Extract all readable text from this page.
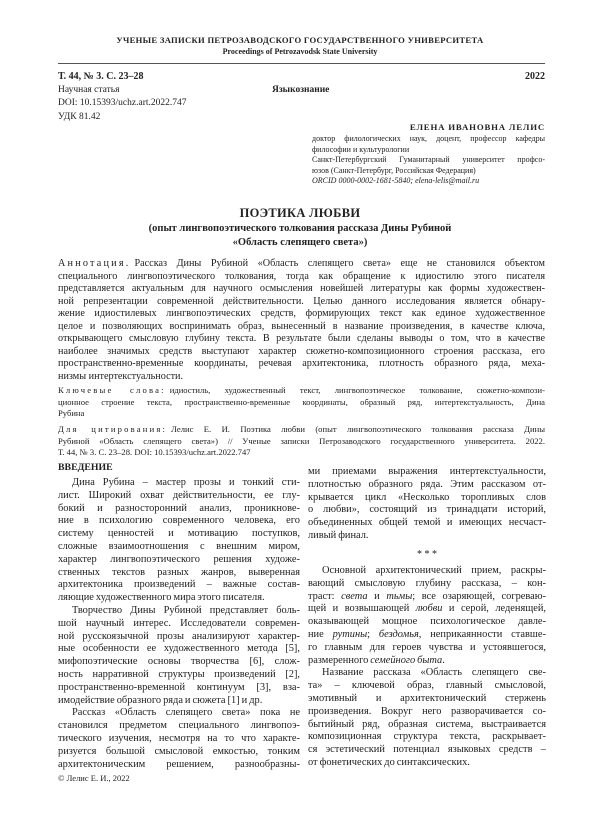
УЧЕНЫЕ ЗАПИСКИ ПЕТРОЗАВОДСКОГО ГОСУДАРСТВЕННОГО УНИВЕРСИТЕТА
Proceedings of Petrozavodsk State University
Т. 44, № 3. С. 23–28	2022
Научная статья	Языкознание
DOI: 10.15393/uchz.art.2022.747
УДК 81.42
ЕЛЕНА ИВАНОВНА ЛЕЛИС
доктор филологических наук, доцент, профессор кафедры
философии и культурологии
Санкт-Петербургский Гуманитарный университет профсо-
юзов (Санкт-Петербург, Российская Федерация)
ORCID 0000-0002-1681-5840; elena-lelis@mail.ru
ПОЭТИКА ЛЮБВИ
(опыт лингвопоэтического толкования рассказа Дины Рубиной
«Область слепящего света»)
Аннотация. Рассказ Дины Рубиной «Область слепящего света» еще не становился объектом
специального лингвопоэтического толкования, тогда как обращение к идиостилю этого писателя
представляется актуальным для научного осмысления новейшей литературы как формы художествен-
ной репрезентации современной действительности. Целью данного исследования является обнару-
жение идиостилевых лингвопоэтических средств, формирующих текст как единое художественное
целое и позволяющих воспринимать образ, вынесенный в название произведения, в качестве ключа,
открывающего смысловую глубину текста. В результате были сделаны выводы о том, что в качестве
наиболее значимых средств выступают характер сюжетно-композиционного строения рассказа, его
пространственно-временные координаты, речевая архитектоника, плотность образного ряда, меха-
низмы интертекстуальности.
Ключевые слова: идиостиль, художественный текст, лингвопоэтическое толкование, сюжетно-компози-
ционное строение текста, пространственно-временные координаты, образный ряд, интертекстуальность, Дина
Рубина
Для цитирования: Лелис Е. И. Поэтика любви (опыт лингвопоэтического толкования рассказа Дины
Рубиной «Область слепящего света») // Ученые записки Петрозаводского государственного университета. 2022.
Т. 44, № 3. С. 23–28. DOI: 10.15393/uchz.art.2022.747
ВВЕДЕНИЕ
Дина Рубина – мастер прозы и тонкий сти-
лист. Широкий охват действительности, ее глу-
бокий и разносторонний анализ, проникнове-
ние в психологию современного человека, его
систему ценностей и мотивацию поступков,
сложные взаимоотношения с внешним миром,
характер лингвопоэтического решения художе-
ственных текстов разных жанров, выверенная
архитектоника произведений – важные состав-
ляющие художественного мира этого писателя.
Творчество Дины Рубиной представляет боль-
шой научный интерес. Исследователи современ-
ной русскоязычной прозы анализируют характер-
ные особенности ее художественного метода [5],
мифопоэтические основы творчества [6], слож-
ность нарративной структуры произведений [2],
пространственно-временной континуум [3], вза-
имодействие образного ряда и сюжета [1] и др.
Рассказ «Область слепящего света» пока не
становился предметом специального лингвопоэ-
тического изучения, несмотря на то что характе-
ризуется большой смысловой емкостью, тонким
архитектоническим решением, разнообразны-
ми приемами выражения интертекстуальности,
плотностью образного ряда. Этим рассказом от-
крывается цикл «Несколько торопливых слов
о любви», состоящий из тринадцати историй,
объединенных общей темой и имеющих несчаст-
ливый финал.
* * *
Основной архитектонический прием, раскры-
вающий смысловую глубину рассказа, – кон-
траст: света и тьмы; все озаряющей, согреваю-
щей и возвышающей любви и серой, леденящей,
оказывающей мощное психологическое давле-
ние рутины; бездомья, неприкаянности ставше-
го главным для героев чувства и устоявшегося,
размеренного семейного быта.
Название рассказа «Область слепящего све-
та» – ключевой образ, главный смысловой,
эмотивный и архитектонический стержень
произведения. Вокруг него разворачивается со-
бытийный ряд, образная система, выстраивается
композиционная структура текста, раскрывает-
ся эстетический потенциал языковых средств –
от фонетических до синтаксических.
© Лелис Е. И., 2022
